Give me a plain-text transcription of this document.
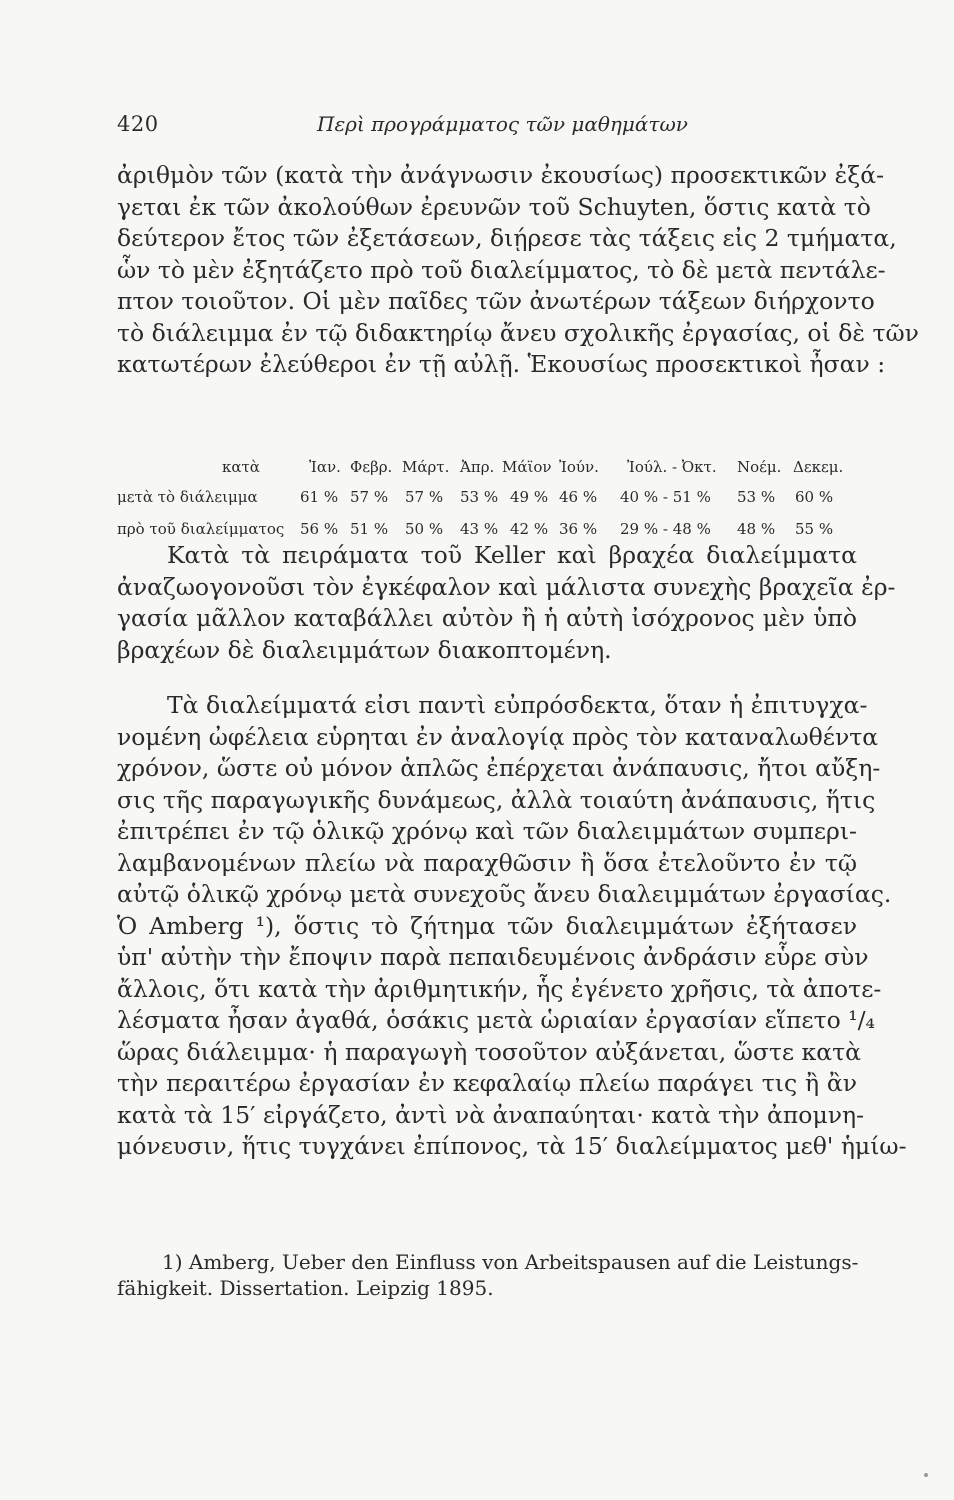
420	Περὶ προγράμματος τῶν μαθημάτων
ἀριθμὸν τῶν (κατὰ τὴν ἀνάγνωσιν ἐκουσίως) προσεκτικῶν ἐξά-
γεται ἐκ τῶν ἀκολούθων ἐρευνῶν τοῦ Schuyten, ὅστις κατὰ τὸ
δεύτερον ἔτος τῶν ἐξετάσεων, διῄρεσε τὰς τάξεις εἰς 2 τμήματα,
ὧν τὸ μὲν ἐξητάζετο πρὸ τοῦ διαλείμματος, τὸ δὲ μετὰ πεντάλε-
πτον τοιοῦτον. Οἱ μὲν παῖδες τῶν ἀνωτέρων τάξεων διήρχοντο
τὸ διάλειμμα ἐν τῷ διδακτηρίῳ ἄνευ σχολικῆς ἐργασίας, οἱ δὲ τῶν
κατωτέρων ἐλεύθεροι ἐν τῇ αὐλῇ. Ἑκουσίως προσεκτικοὶ ἦσαν :
κατὰ	Ἰαν. Φεβρ. Μάρτ. Ἀπρ. Μάϊον Ἰούν. Ἰούλ. - Ὀκτ. Νοέμ. Δεκεμ.
μετὰ τὸ διάλειμμα	61 % 57 % 57 % 53 % 49 % 46 % 40 % - 51 % 53 % 60 %
πρὸ τοῦ διαλείμματος 56 % 51 % 50 % 43 % 42 % 36 % 29 % - 48 % 48 % 55 %
Κατὰ τὰ πειράματα τοῦ Keller καὶ βραχέα διαλείμματα
ἀναζωογονοῦσι τὸν ἐγκέφαλον καὶ μάλιστα συνεχὴς βραχεῖα ἐρ-
γασία μᾶλλον καταβάλλει αὐτὸν ἢ ἡ αὐτὴ ἰσόχρονος μὲν ὑπὸ
βραχέων δὲ διαλειμμάτων διακοπτομένη.
Τὰ διαλείμματά εἰσι παντὶ εὐπρόσδεκτα, ὅταν ἡ ἐπιτυγχα-
νομένη ὠφέλεια εὑρηται ἐν ἀναλογίᾳ πρὸς τὸν καταναλωθέντα
χρόνον, ὥστε οὐ μόνον ἁπλῶς ἐπέρχεται ἀνάπαυσις, ἤτοι αὔξη-
σις τῆς παραγωγικῆς δυνάμεως, ἀλλὰ τοιαύτη ἀνάπαυσις, ἥτις
ἐπιτρέπει ἐν τῷ ὁλικῷ χρόνῳ καὶ τῶν διαλειμμάτων συμπερι-
λαμβανομένων πλείω νὰ παραχθῶσιν ἢ ὅσα ἐτελοῦντο ἐν τῷ
αὐτῷ ὁλικῷ χρόνῳ μετὰ συνεχοῦς ἄνευ διαλειμμάτων ἐργασίας.
Ὁ Amberg ¹), ὅστις τὸ ζήτημα τῶν διαλειμμάτων ἐξήτασεν
ὑπ' αὐτὴν τὴν ἔποψιν παρὰ πεπαιδευμένοις ἀνδράσιν εὗρε σὺν
ἄλλοις, ὅτι κατὰ τὴν ἀριθμητικήν, ἧς ἐγένετο χρῆσις, τὰ ἀποτε-
λέσματα ἦσαν ἀγαθά, ὁσάκις μετὰ ὡριαίαν ἐργασίαν εἵπετο ¹/₄
ὥρας διάλειμμα· ἡ παραγωγὴ τοσοῦτον αὐξάνεται, ὥστε κατὰ
τὴν περαιτέρω ἐργασίαν ἐν κεφαλαίῳ πλείω παράγει τις ἢ ἂν
κατὰ τὰ 15′ εἰργάζετο, ἀντὶ νὰ ἀναπαύηται· κατὰ τὴν ἀπομνη-
μόνευσιν, ἥτις τυγχάνει ἐπίπονος, τὰ 15′ διαλείμματος μεθ' ἡμίω-
1) Amberg, Ueber den Einfluss von Arbeitspausen auf die Leistungs-
fähigkeit. Dissertation. Leipzig 1895.
